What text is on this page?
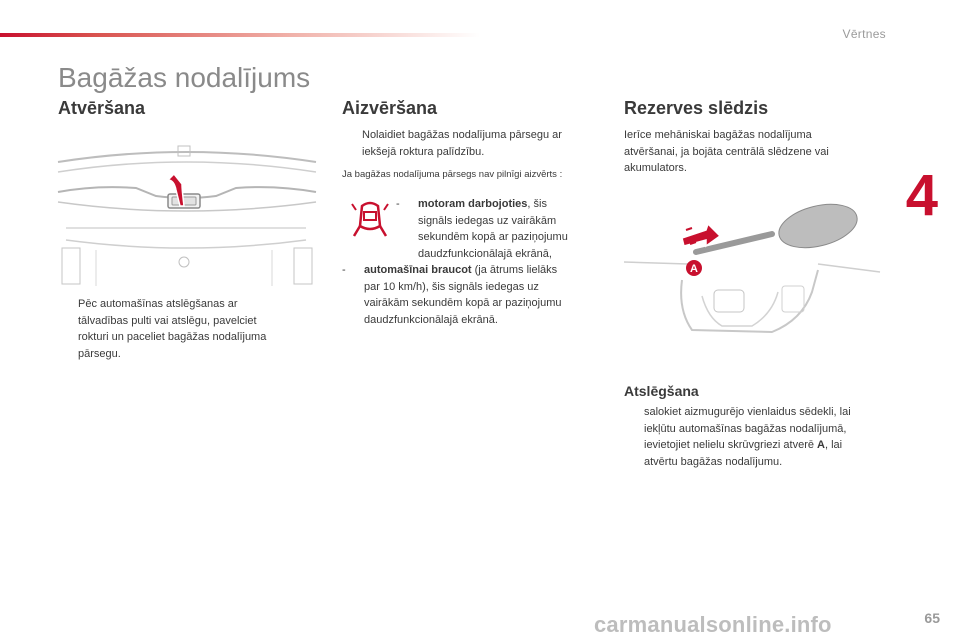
Vērtnes
4
Bagāžas nodalījums
Atvēršana
Pēc automašīnas atslēgšanas ar
tālvadības pulti vai atslēgu, pavelciet
rokturi un paceliet bagāžas nodalījuma
pārsegu.
Aizvēršana
Nolaidiet bagāžas nodalījuma pārsegu ar
iekšejā roktura palīdzību.
Ja bagāžas nodalījuma pārsegs nav pilnīgi aizvērts :
- motoram darbojoties, šis
signāls iedegas uz vairākām
sekundēm kopā ar paziņojumu
daudzfunkcionālajā ekrānā,
- automašīnai braucot (ja ātrums lielāks
par 10 km/h), šis signāls iedegas uz
vairākām sekundēm kopā ar paziņojumu
daudzfunkcionālajā ekrānā.
Rezerves slēdzis
Ierīce mehāniskai bagāžas nodalījuma
atvēršanai, ja bojāta centrālā slēdzene vai
akumulators.
A
Atslēgšana
salokiet aizmugurējo vienlaidus sēdekli, lai
iekļūtu automašīnas bagāžas nodalījumā,
ievietojiet nelielu skrūvgriezi atverē A, lai
atvērtu bagāžas nodalījumu.
carmanualsonline.info	65
